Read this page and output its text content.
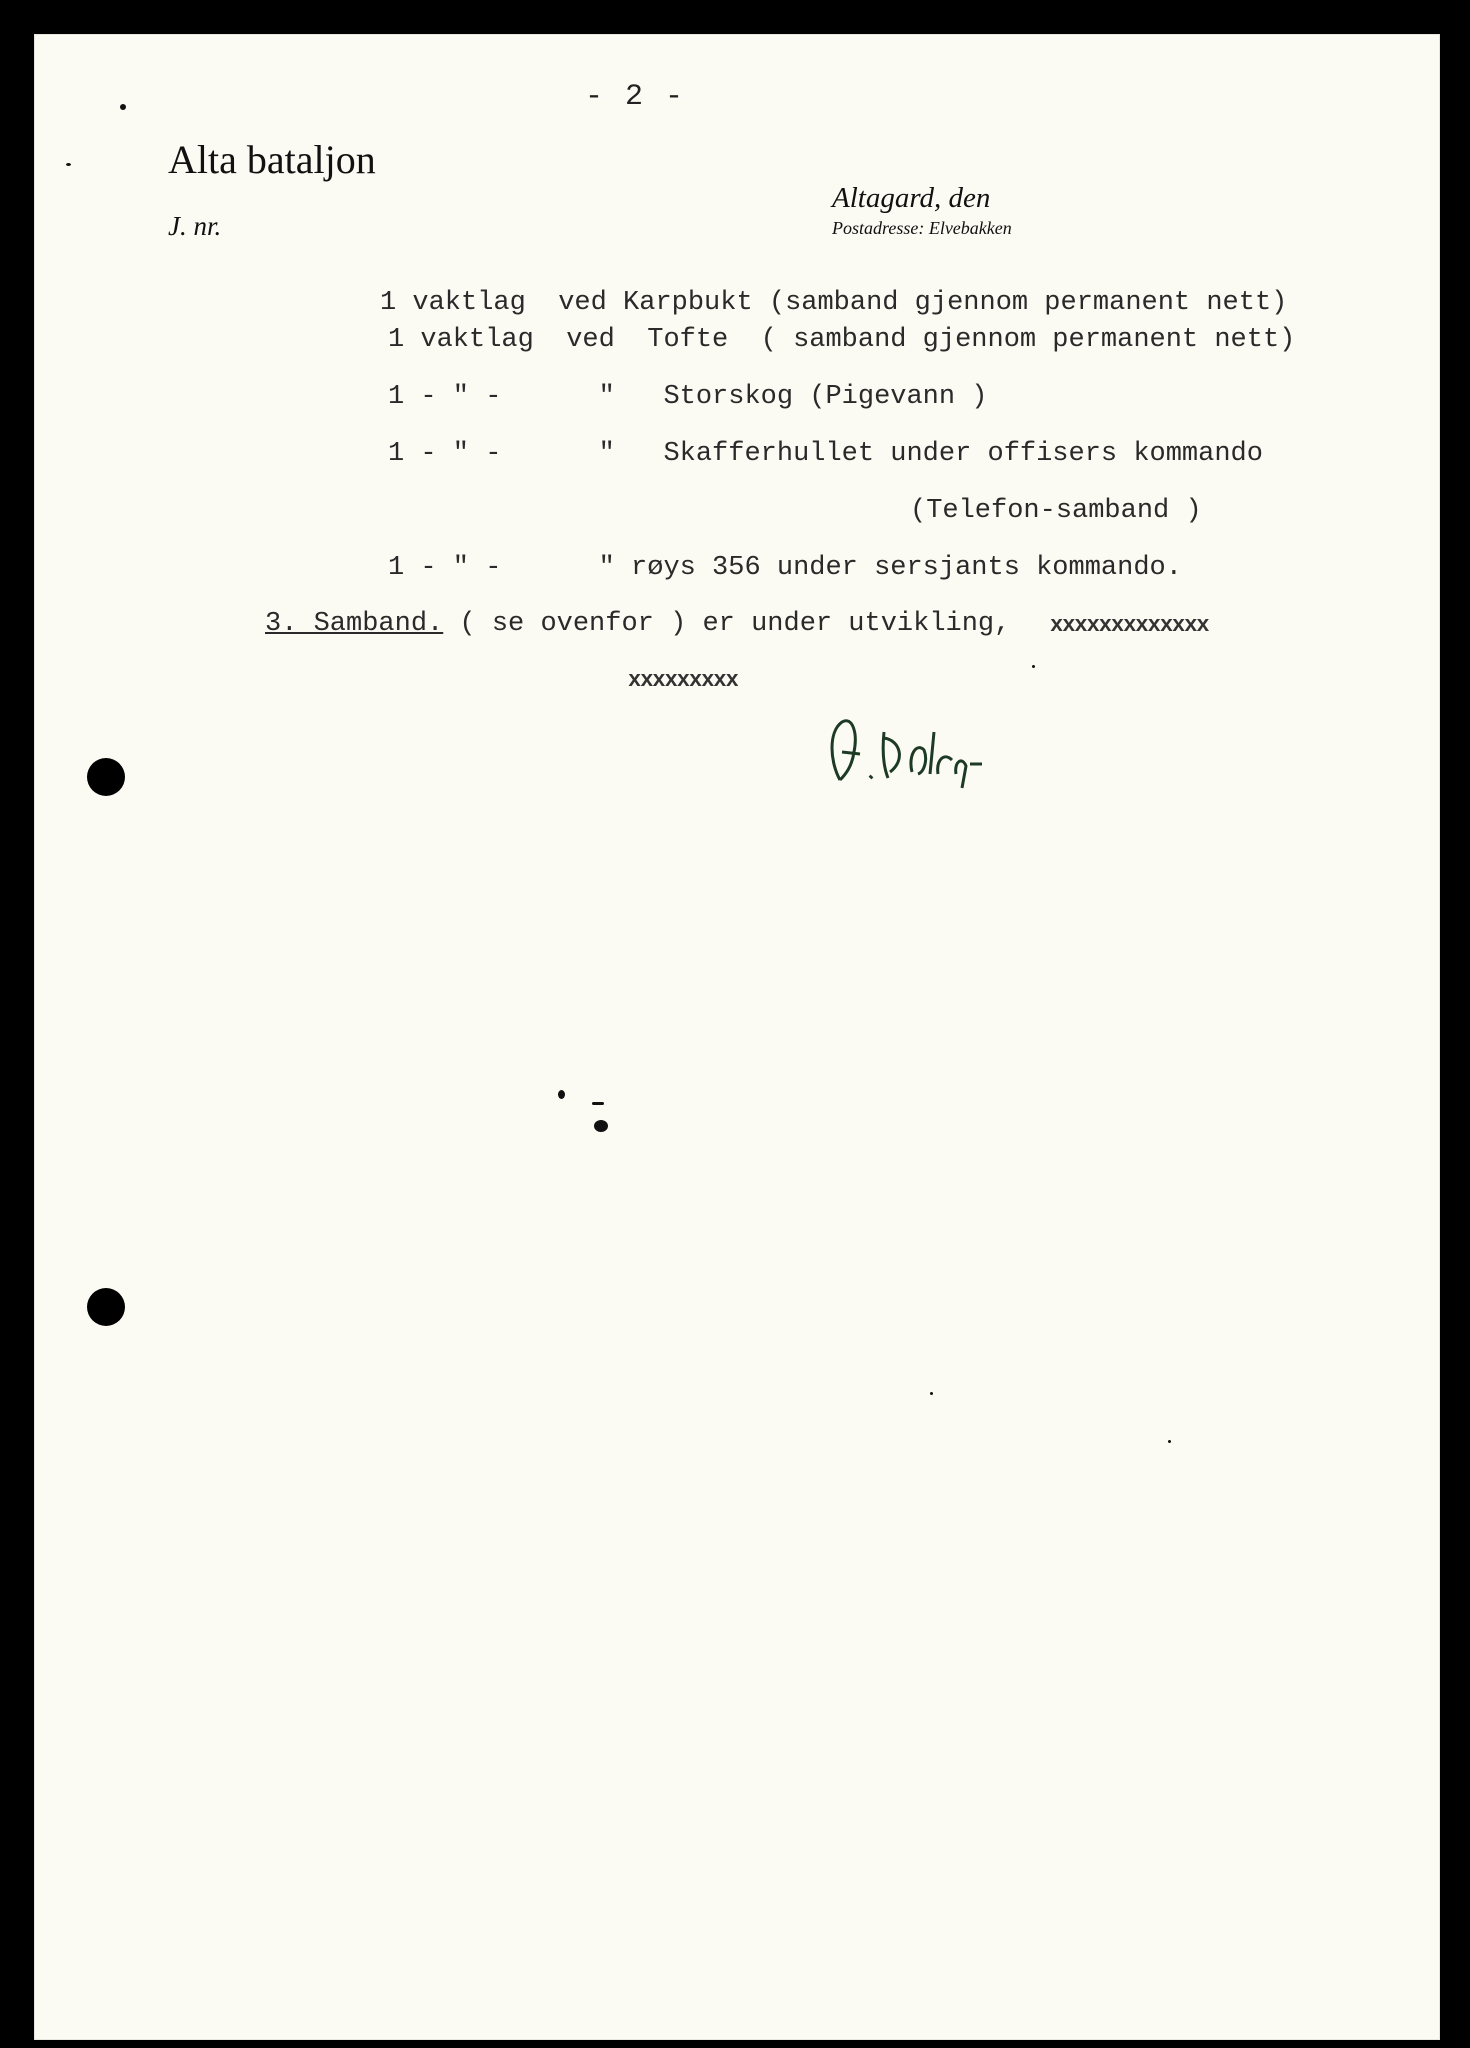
- 2 -
Alta bataljon
J. nr.
Altagard, den
Postadresse: Elvebakken
1 vaktlag  ved Karpbukt (samband gjennom permanent nett)
1 vaktlag  ved  Tofte  ( samband gjennom permanent nett)
1 - " -      "   Storskog (Pigevann )
1 - " -      "   Skafferhullet under offisers kommando
(Telefon-samband )
1 - " -      " røys 356 under sersjants kommando.
3. Samband. ( se ovenfor ) er under utvikling, xxxxxxxxxxxxx
xxxxxxxxx
